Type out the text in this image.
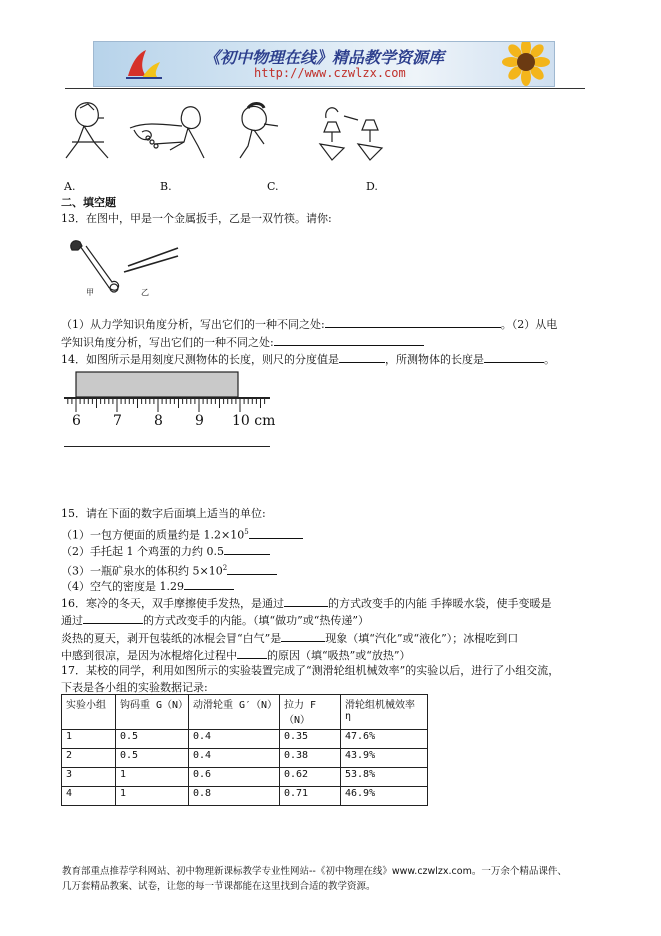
《初中物理在线》精品教学资源库
http://www.czwlzx.com
A.	B.	C.	D.
二、填空题
13．在图中，甲是一个金属扳手，乙是一双竹筷。请你:
甲	乙
（1）从力学知识角度分析，写出它们的一种不同之处:	。（2）从电
学知识角度分析，写出它们的一种不同之处:
14．如图所示是用刻度尺测物体的长度，则尺的分度值是	，所测物体的长度是	。
6 7 8 9 10 cm
15．请在下面的数字后面填上适当的单位:
（1）一包方便面的质量约是 $1.2\times 10^5$
（2）手托起 1 个鸡蛋的力约 0.5
（3）一瓶矿泉水的体积约 $5\times 10^2$
（4）空气的密度是 1.29
16．寒冷的冬天，双手摩擦使手发热，是通过	的方式改变手的内能 手捧暖水袋，使手变暖是
通过	的方式改变手的内能。（填“做功”或“热传递”）
炎热的夏天，剥开包装纸的冰棍会冒“白气”是	现象（填“汽化”或“液化”）；冰棍吃到口
中感到很凉，是因为冰棍熔化过程中	的原因（填“吸热”或“放热”）
17．某校的同学，利用如图所示的实验装置完成了“测滑轮组机械效率”的实验以后，进行了小组交流，
下表是各小组的实验数据记录:
实验小组	钩码重 G（N）	动滑轮重 G′（N）	拉力 F（N）	滑轮组机械效率 η
1	0.5	0.4	0.35	47.6%
2	0.5	0.4	0.38	43.9%
3	1	0.6	0.62	53.8%
4	1	0.8	0.71	46.9%
教育部重点推荐学科网站、初中物理新课标教学专业性网站--《初中物理在线》www.czwlzx.com。一万余个精品课件、
几万套精品教案、试卷，让您的每一节课都能在这里找到合适的教学资源。
